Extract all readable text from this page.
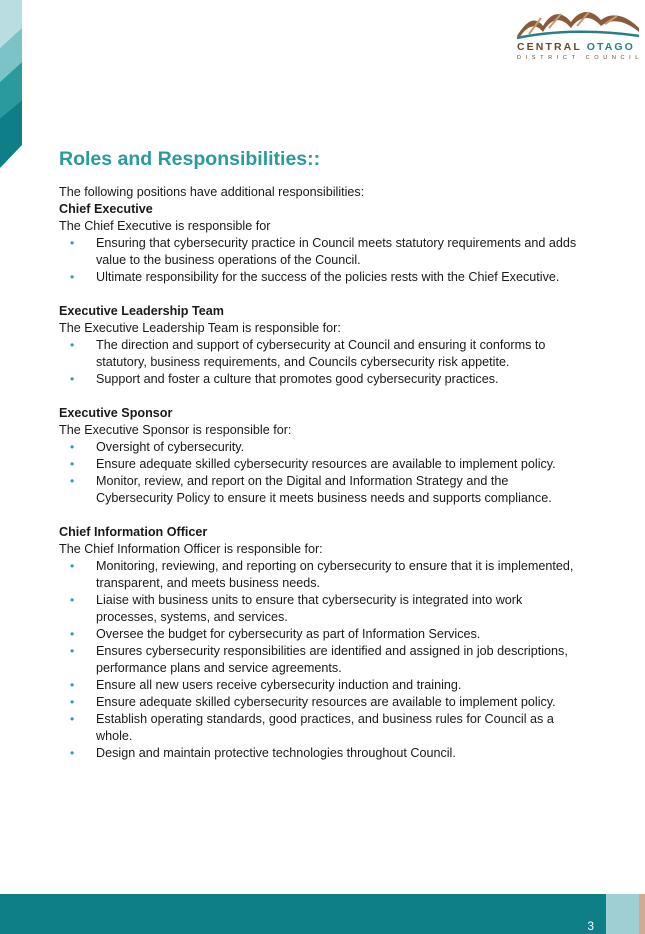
CENTRAL OTAGO
DISTRICT COUNCIL
Roles and Responsibilities::

The following positions have additional responsibilities:

Chief Executive

The Chief Executive is responsible for

• Ensuring that cybersecurity practice in Council meets statutory requirements and adds
value to the business operations of the Council.
• Ultimate responsibility for the success of the policies rests with the Chief Executive.

Executive Leadership Team

The Executive Leadership Team is responsible for:

• The direction and support of cybersecurity at Council and ensuring it conforms to
statutory, business requirements, and Councils cybersecurity risk appetite.
• Support and foster a culture that promotes good cybersecurity practices.

Executive Sponsor

The Executive Sponsor is responsible for:

• Oversight of cybersecurity.
• Ensure adequate skilled cybersecurity resources are available to implement policy.
• Monitor, review, and report on the Digital and Information Strategy and the
Cybersecurity Policy to ensure it meets business needs and supports compliance.

Chief Information Officer

The Chief Information Officer is responsible for:

• Monitoring, reviewing, and reporting on cybersecurity to ensure that it is implemented,
transparent, and meets business needs.
• Liaise with business units to ensure that cybersecurity is integrated into work
processes, systems, and services.
• Oversee the budget for cybersecurity as part of Information Services.
• Ensures cybersecurity responsibilities are identified and assigned in job descriptions,
performance plans and service agreements.
• Ensure all new users receive cybersecurity induction and training.
• Ensure adequate skilled cybersecurity resources are available to implement policy.
• Establish operating standards, good practices, and business rules for Council as a
whole.
• Design and maintain protective technologies throughout Council.
3
